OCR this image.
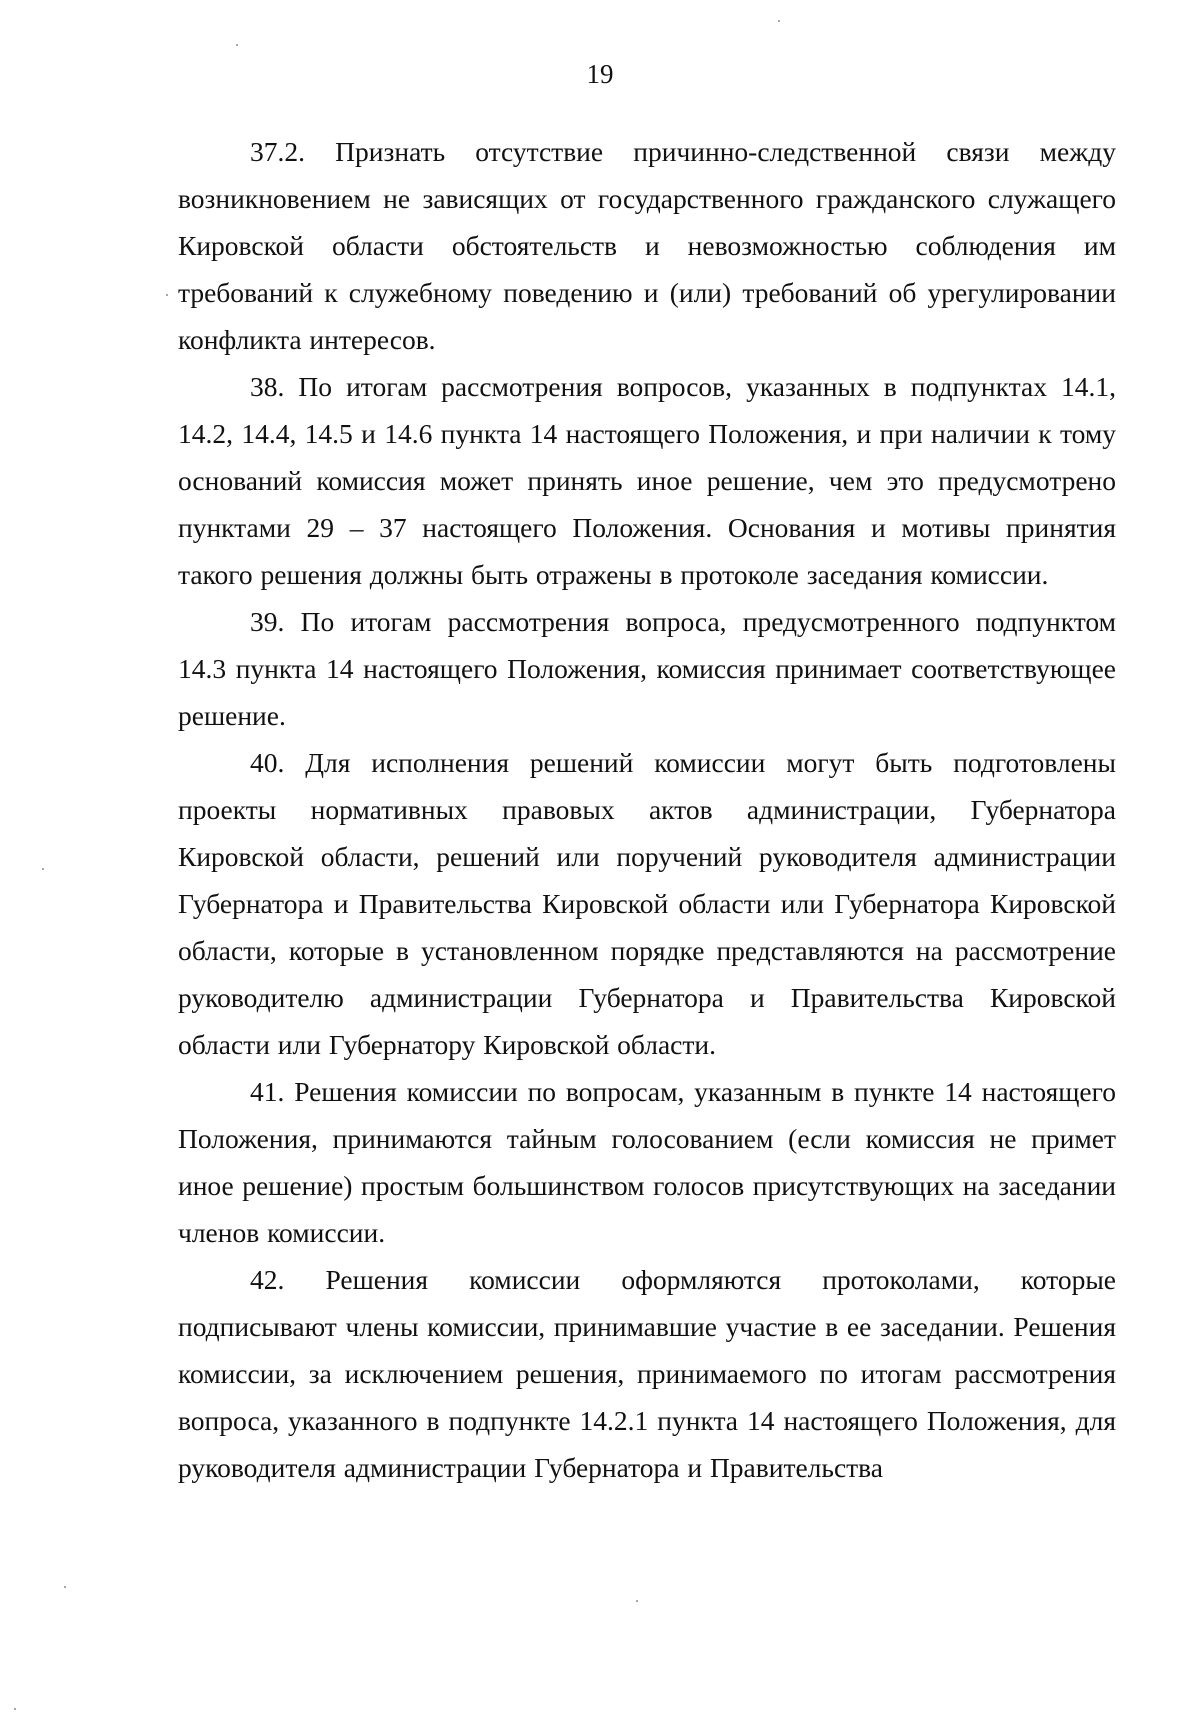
19

37.2. Признать отсутствие причинно-следственной связи между возникновением не зависящих от государственного гражданского служащего Кировской области обстоятельств и невозможностью соблюдения им требований к служебному поведению и (или) требований об урегулировании конфликта интересов.

38. По итогам рассмотрения вопросов, указанных в подпунктах 14.1, 14.2, 14.4, 14.5 и 14.6 пункта 14 настоящего Положения, и при наличии к тому оснований комиссия может принять иное решение, чем это предусмотрено пунктами 29 – 37 настоящего Положения. Основания и мотивы принятия такого решения должны быть отражены в протоколе заседания комиссии.

39. По итогам рассмотрения вопроса, предусмотренного подпунктом 14.3 пункта 14 настоящего Положения, комиссия принимает соответствующее решение.

40. Для исполнения решений комиссии могут быть подготовлены проекты нормативных правовых актов администрации, Губернатора Кировской области, решений или поручений руководителя администрации Губернатора и Правительства Кировской области или Губернатора Кировской области, которые в установленном порядке представляются на рассмотрение руководителю администрации Губернатора и Правительства Кировской области или Губернатору Кировской области.

41. Решения комиссии по вопросам, указанным в пункте 14 настоящего Положения, принимаются тайным голосованием (если комиссия не примет иное решение) простым большинством голосов присутствующих на заседании членов комиссии.

42. Решения комиссии оформляются протоколами, которые подписывают члены комиссии, принимавшие участие в ее заседании. Решения комиссии, за исключением решения, принимаемого по итогам рассмотрения вопроса, указанного в подпункте 14.2.1 пункта 14 настоящего Положения, для руководителя администрации Губернатора и Правительства
